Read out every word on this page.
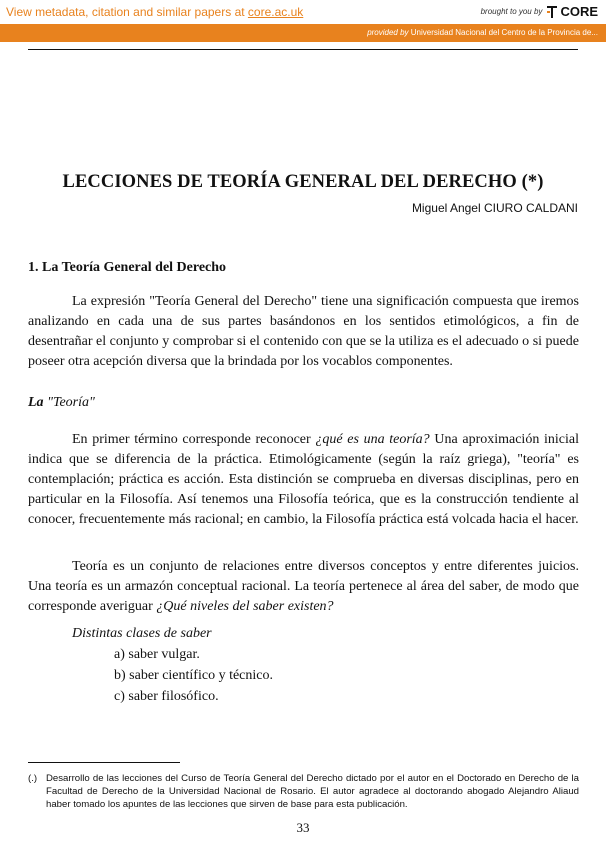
View metadata, citation and similar papers at core.ac.uk	brought to you by CORE
provided by Universidad Nacional del Centro de la Provincia de...
LECCIONES DE TEORÍA GENERAL DEL DERECHO (*)
Miguel Angel CIURO CALDANI
1. La Teoría General del Derecho

La expresión "Teoría General del Derecho" tiene una significación compuesta que iremos analizando en cada una de sus partes basándonos en los sentidos etimológicos, a fin de desentrañar el conjunto y comprobar si el contenido con que se la utiliza es el adecuado o si puede poseer otra acepción diversa que la brindada por los vocablos componentes.

La "Teoría"

En primer término corresponde reconocer ¿qué es una teoría? Una aproximación inicial indica que se diferencia de la práctica. Etimológicamente (según la raíz griega), "teoría" es contemplación; práctica es acción. Esta distinción se comprueba en diversas disciplinas, pero en particular en la Filosofía. Así tenemos una Filosofía teórica, que es la construcción tendiente al conocer, frecuentemente más racional; en cambio, la Filosofía práctica está volcada hacia el hacer.

Teoría es un conjunto de relaciones entre diversos conceptos y entre diferentes juicios. Una teoría es un armazón conceptual racional. La teoría pertenece al área del saber, de modo que corresponde averiguar ¿Qué niveles del saber existen?

Distintas clases de saber
a) saber vulgar.
b) saber científico y técnico.
c) saber filosófico.
(.) Desarrollo de las lecciones del Curso de Teoría General del Derecho dictado por el autor en el Doctorado en Derecho de la Facultad de Derecho de la Universidad Nacional de Rosario. El autor agradece al doctorando abogado Alejandro Aliaud haber tomado los apuntes de las lecciones que sirven de base para esta publicación.
33
